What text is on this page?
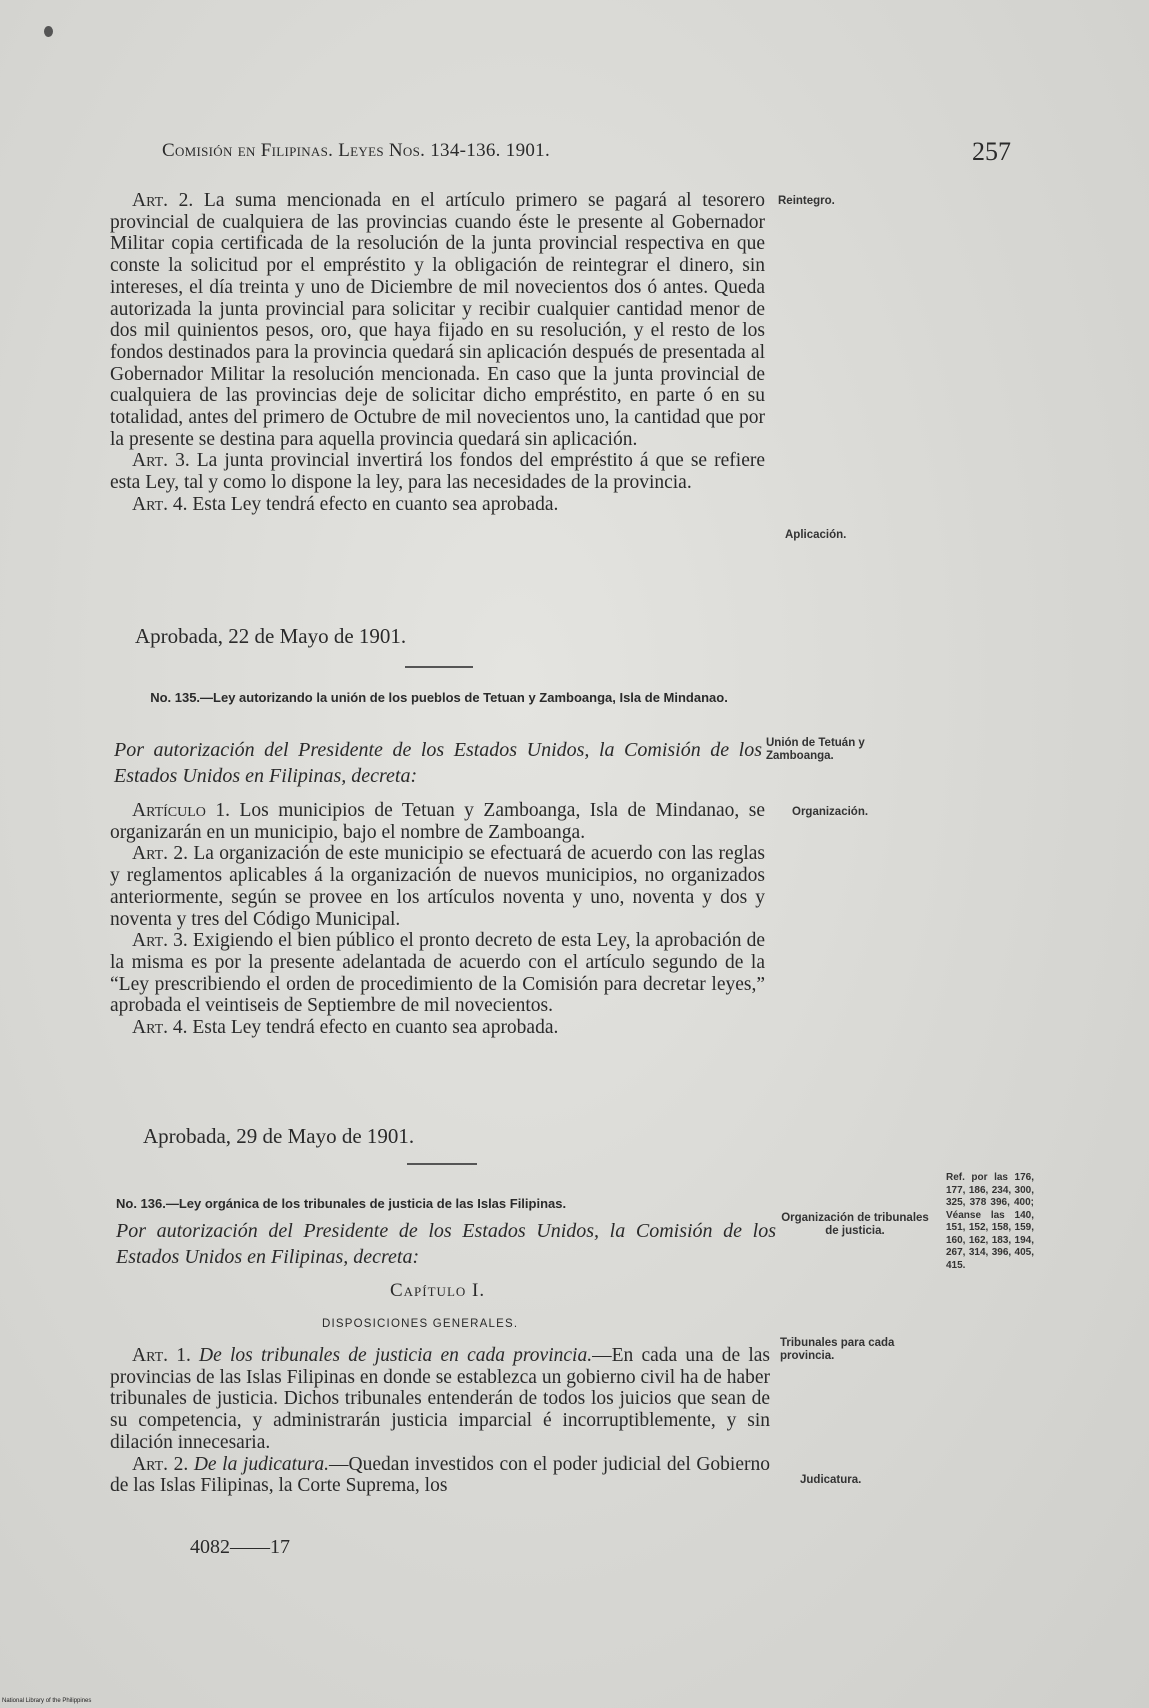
Comisión en Filipinas. Leyes Nos. 134-136. 1901.	257

Art. 2. La suma mencionada en el artículo primero se pagará al tesorero provincial de cualquiera de las provincias cuando éste le presente al Gobernador Militar copia certificada de la resolución de la junta provincial respectiva en que conste la solicitud por el empréstito y la obligación de reintegrar el dinero, sin intereses, el día treinta y uno de Diciembre de mil novecientos dos ó antes. Queda autorizada la junta provincial para solicitar y recibir cualquier cantidad menor de dos mil quinientos pesos, oro, que haya fijado en su resolución, y el resto de los fondos destinados para la provincia quedará sin aplicación después de presentada al Gobernador Militar la resolución mencionada. En caso que la junta provincial de cualquiera de las provincias deje de solicitar dicho empréstito, en parte ó en su totalidad, antes del primero de Octubre de mil novecientos uno, la cantidad que por la presente se destina para aquella provincia quedará sin aplicación.

Art. 3. La junta provincial invertirá los fondos del empréstito á que se refiere esta Ley, tal y como lo dispone la ley, para las necesidades de la provincia.

Art. 4. Esta Ley tendrá efecto en cuanto sea aprobada.

Reintegro.
Aplicación.
Aprobada, 22 de Mayo de 1901.
No. 135.—Ley autorizando la unión de los pueblos de Tetuan y Zamboanga, Isla de Mindanao.
Por autorización del Presidente de los Estados Unidos, la Comisión de los Estados Unidos en Filipinas, decreta:
Unión de Tetuán y Zamboanga.

Artículo 1. Los municipios de Tetuan y Zamboanga, Isla de Mindanao, se organizarán en un municipio, bajo el nombre de Zamboanga.

Art. 2. La organización de este municipio se efectuará de acuerdo con las reglas y reglamentos aplicables á la organización de nuevos municipios, no organizados anteriormente, según se provee en los artículos noventa y uno, noventa y dos y noventa y tres del Código Municipal.

Art. 3. Exigiendo el bien público el pronto decreto de esta Ley, la aprobación de la misma es por la presente adelantada de acuerdo con el artículo segundo de la “Ley prescribiendo el orden de procedimiento de la Comisión para decretar leyes,” aprobada el veintiseis de Septiembre de mil novecientos.

Art. 4. Esta Ley tendrá efecto en cuanto sea aprobada.

Organización.
Aprobada, 29 de Mayo de 1901.
No. 136.—Ley orgánica de los tribunales de justicia de las Islas Filipinas.
Por autorización del Presidente de los Estados Unidos, la Comisión de los Estados Unidos en Filipinas, decreta:
Organización de tribunales de justicia.
Ref. por las 176, 177, 186, 234, 300, 325, 378 396, 400; Véanse las 140, 151, 152, 158, 159, 160, 162, 183, 194, 267, 314, 396, 405, 415.
Capítulo I.
DISPOSICIONES GENERALES.

Art. 1. De los tribunales de justicia en cada provincia.—En cada una de las provincias de las Islas Filipinas en donde se establezca un gobierno civil ha de haber tribunales de justicia. Dichos tribunales entenderán de todos los juicios que sean de su competencia, y administrarán justicia imparcial é incorruptiblemente, y sin dilación innecesaria.

Art. 2. De la judicatura.—Quedan investidos con el poder judicial del Gobierno de las Islas Filipinas, la Corte Suprema, los

Tribunales para cada provincia.
Judicatura.
4082——17
National Library of the Philippines
